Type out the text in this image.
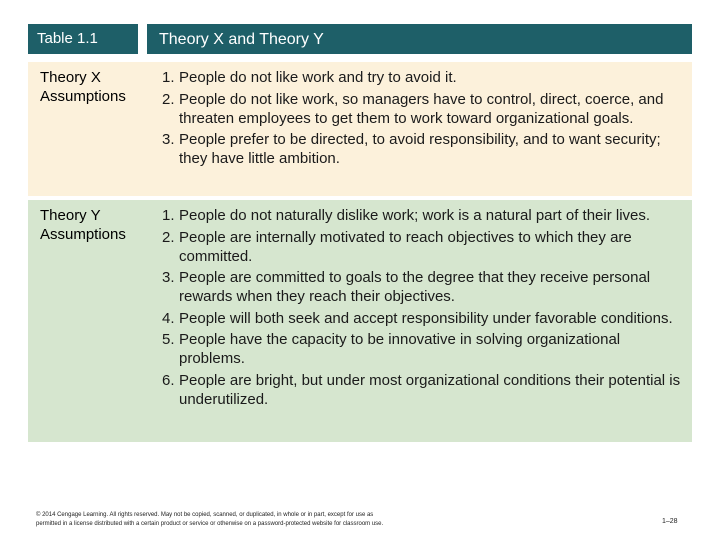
Table 1.1	Theory X and Theory Y
Theory X
Assumptions
1. People do not like work and try to avoid it.
2. People do not like work, so managers have to control, direct, coerce, and threaten employees to get them to work toward organizational goals.
3. People prefer to be directed, to avoid responsibility, and to want security; they have little ambition.
Theory Y
Assumptions
1. People do not naturally dislike work; work is a natural part of their lives.
2. People are internally motivated to reach objectives to which they are committed.
3. People are committed to goals to the degree that they receive personal rewards when they reach their objectives.
4. People will both seek and accept responsibility under favorable conditions.
5. People have the capacity to be innovative in solving organizational problems.
6. People are bright, but under most organizational conditions their potential is underutilized.
© 2014 Cengage Learning. All rights reserved. May not be copied, scanned, or duplicated, in whole or in part, except for use as
permitted in a license distributed with a certain product or service or otherwise on a password-protected website for classroom use.	1–28
